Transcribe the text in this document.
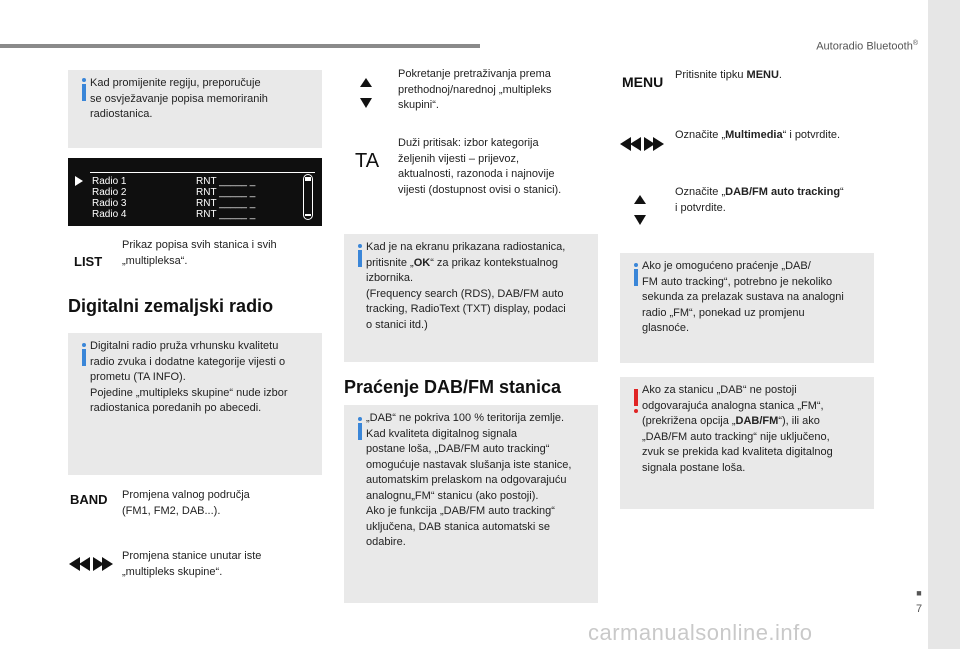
Autoradio Bluetooth®
■
7
Kad promijenite regiju, preporučuje
se osvježavanje popisa memoriranih
radiostanica.
Radio 1	RNT _____ _
Radio 2	RNT _____ _
Radio 3	RNT _____ _
Radio 4	RNT _____ _
LIST
Prikaz popisa svih stanica i svih
„multipleksa“.
Digitalni zemaljski radio
Digitalni radio pruža vrhunsku kvalitetu
radio zvuka i dodatne kategorije vijesti o
prometu (TA INFO).
Pojedine „multipleks skupine“ nude izbor
radiostanica poredanih po abecedi.
BAND Promjena valnog područja
(FM1, FM2, DAB...).
Promjena stanice unutar iste
„multipleks skupine“.
Pokretanje pretraživanja prema
prethodnoj/narednoj „multipleks
skupini“.
TA
Duži pritisak: izbor kategorija
željenih vijesti – prijevoz,
aktualnosti, razonoda i najnovije
vijesti (dostupnost ovisi o stanici).
Kad je na ekranu prikazana radiostanica,
pritisnite „OK“ za prikaz kontekstualnog
izbornika.
(Frequency search (RDS), DAB/FM auto
tracking, RadioText (TXT) display, podaci
o stanici itd.)
Praćenje DAB/FM stanica
„DAB“ ne pokriva 100 % teritorija zemlje.
Kad kvaliteta digitalnog signala
postane loša, „DAB/FM auto tracking“
omogućuje nastavak slušanja iste stanice,
automatskim prelaskom na odgovarajuću
analognu„FM“ stanicu (ako postoji).
Ako je funkcija „DAB/FM auto tracking“
uključena, DAB stanica automatski se
odabire.
MENU Pritisnite tipku MENU.
Označite „Multimedia“ i potvrdite.
Označite „DAB/FM auto tracking“
i potvrdite.
Ako je omogućeno praćenje „DAB/
FM auto tracking“, potrebno je nekoliko
sekunda za prelazak sustava na analogni
radio „FM“, ponekad uz promjenu
glasnoće.
Ako za stanicu „DAB“ ne postoji
odgovarajuća analogna stanica „FM“,
(prekrižena opcija „DAB/FM“), ili ako
„DAB/FM auto tracking“ nije uključeno,
zvuk se prekida kad kvaliteta digitalnog
signala postane loša.
carmanualsonline.info
